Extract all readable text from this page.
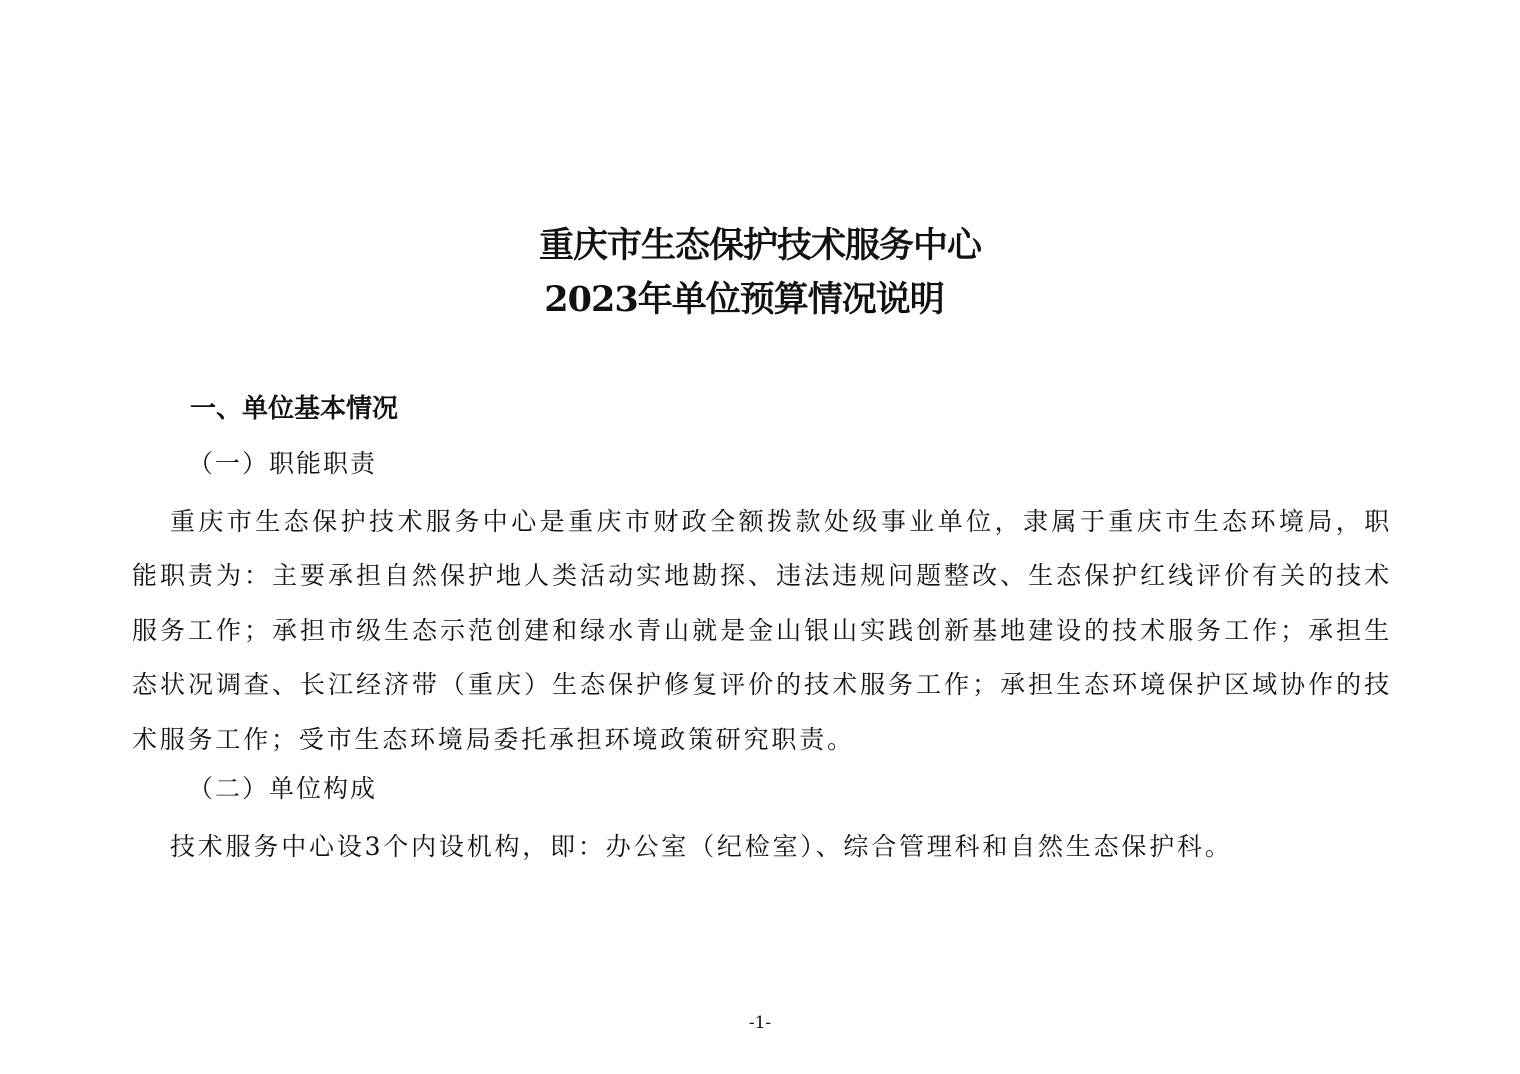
重庆市生态保护技术服务中心
2023年单位预算情况说明
一、单位基本情况
（一）职能职责
重庆市生态保护技术服务中心是重庆市财政全额拨款处级事业单位，隶属于重庆市生态环境局，职能职责为：主要承担自然保护地人类活动实地勘探、违法违规问题整改、生态保护红线评价有关的技术服务工作；承担市级生态示范创建和绿水青山就是金山银山实践创新基地建设的技术服务工作；承担生态状况调查、长江经济带（重庆）生态保护修复评价的技术服务工作；承担生态环境保护区域协作的技术服务工作；受市生态环境局委托承担环境政策研究职责。
（二）单位构成
技术服务中心设3个内设机构，即：办公室（纪检室）、综合管理科和自然生态保护科。
-1-
